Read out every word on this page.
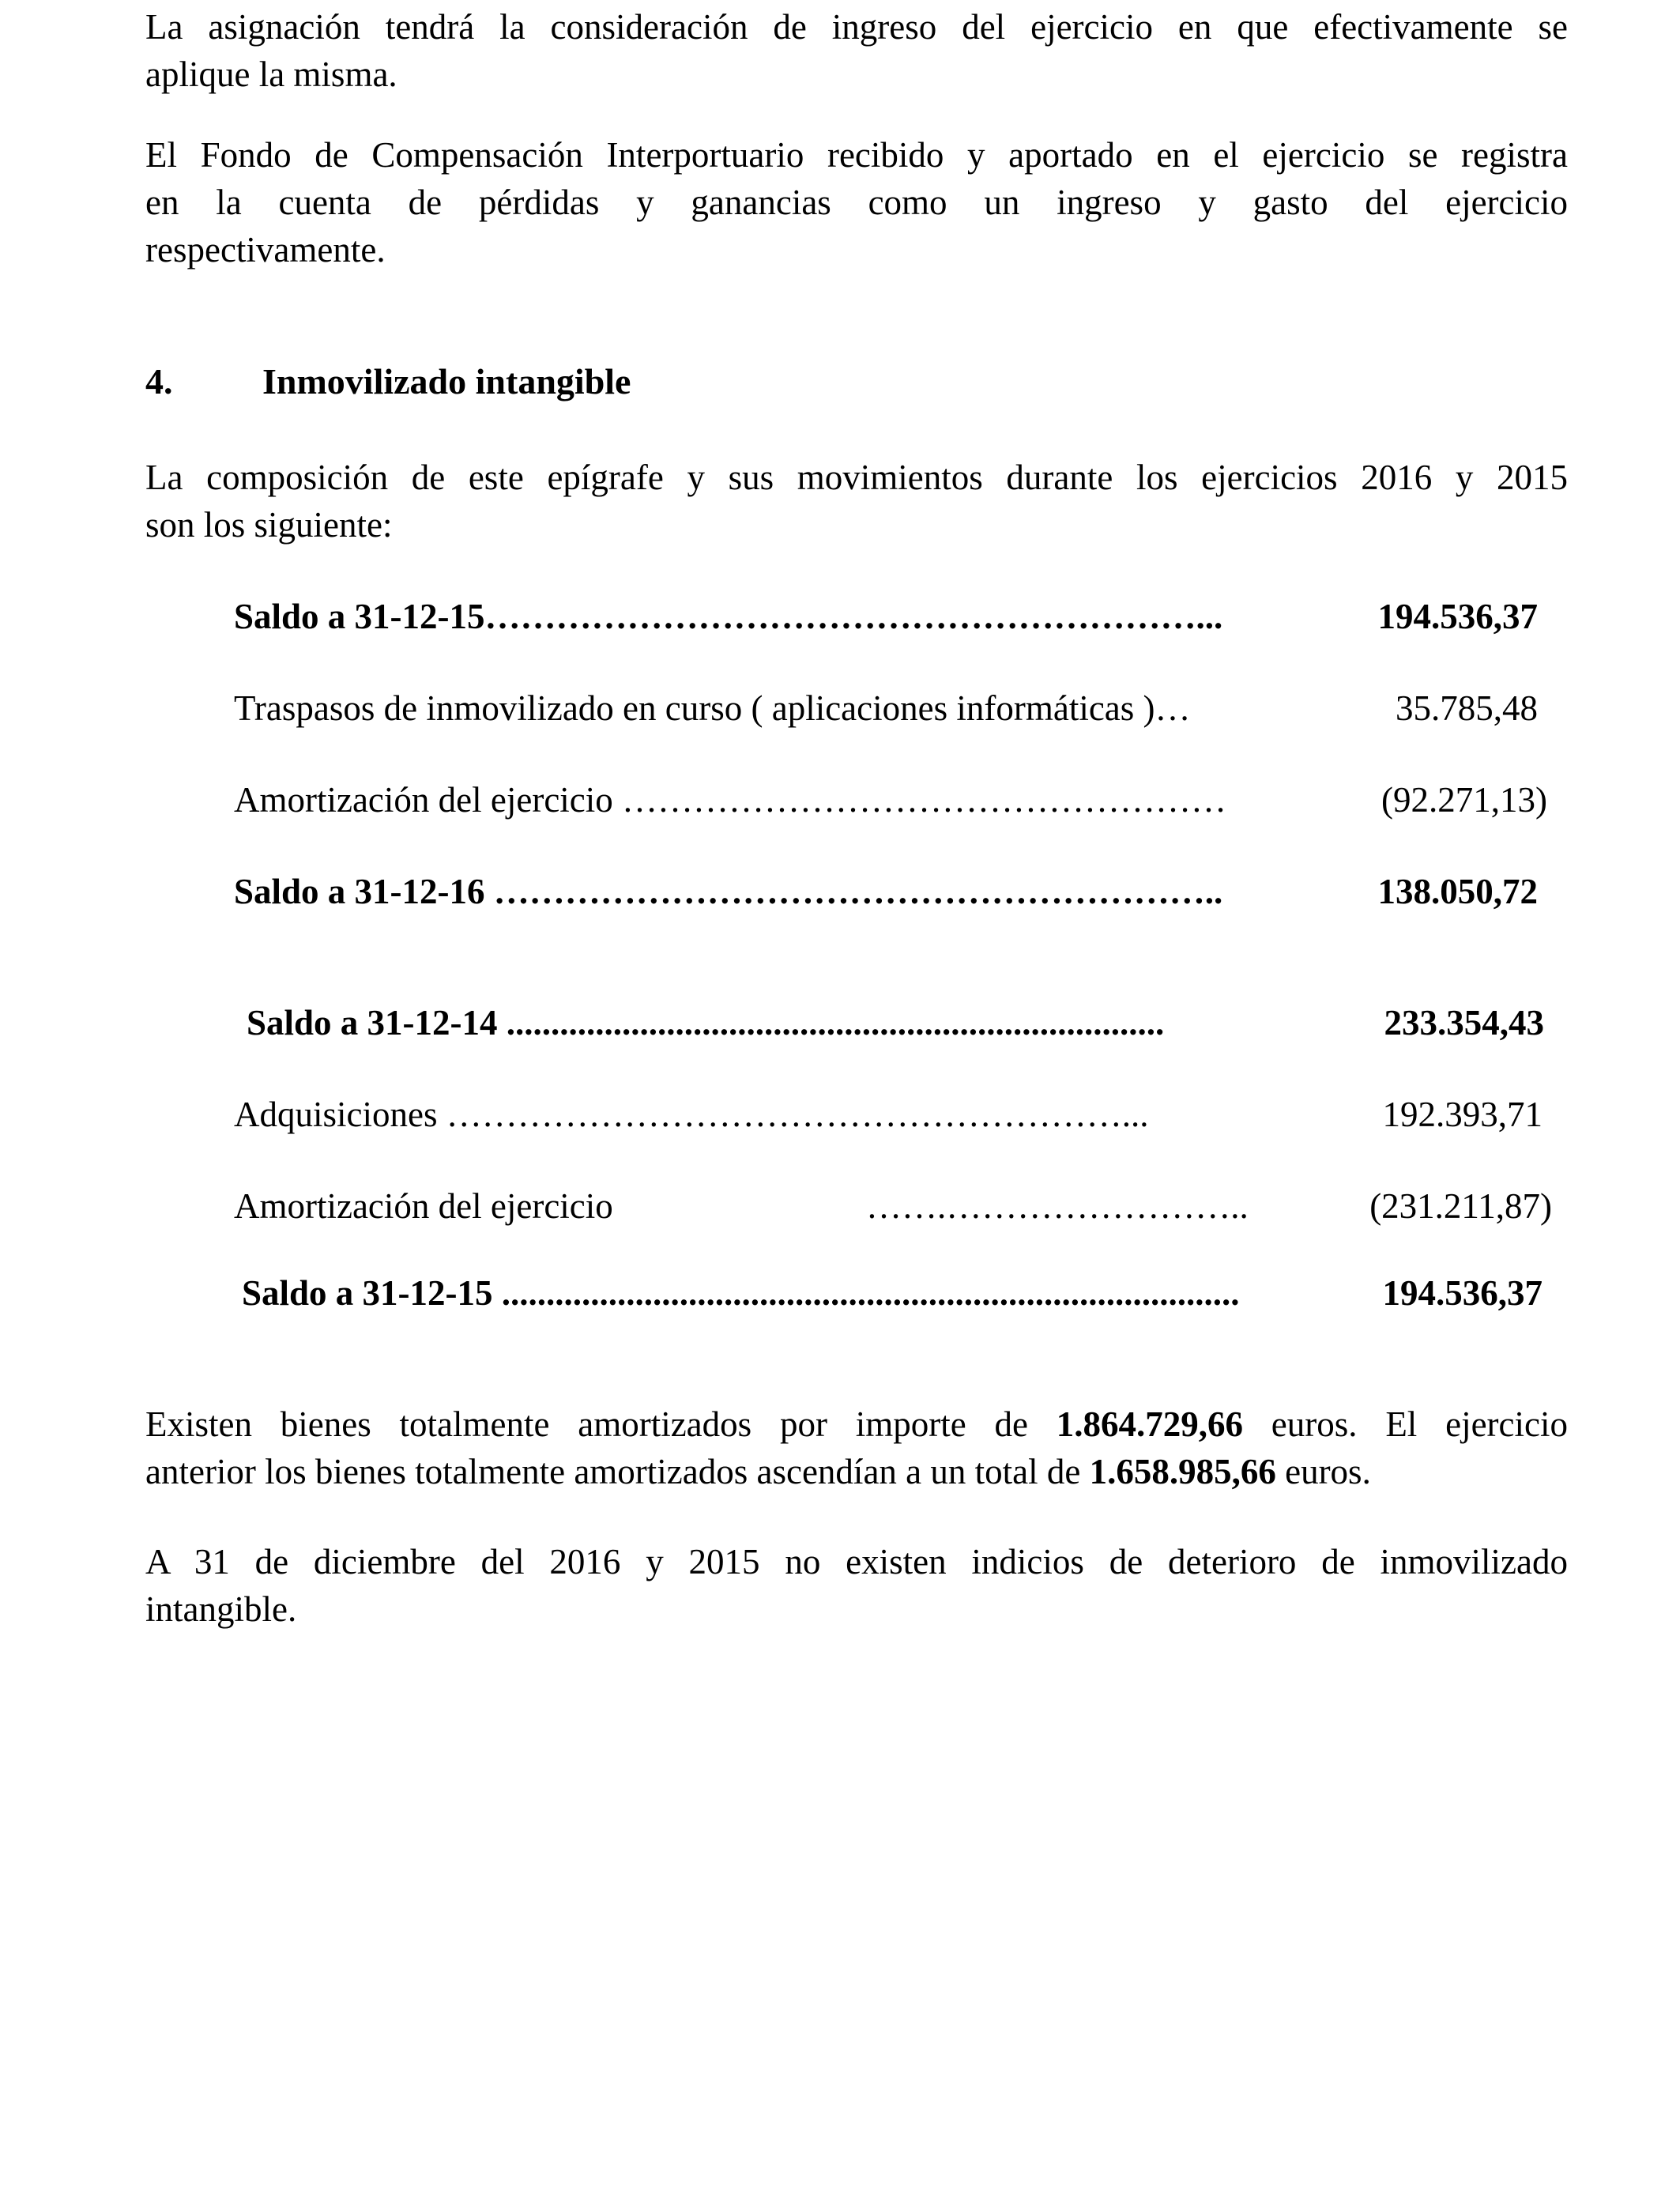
La asignación tendrá la consideración de ingreso del ejercicio en que efectivamente se
aplique la misma.
El Fondo de Compensación Interportuario recibido y aportado en el ejercicio se registra
en la cuenta de pérdidas y ganancias como un ingreso y gasto del ejercicio
respectivamente.
4. Inmovilizado intangible
La composición de este epígrafe y sus movimientos durante los ejercicios 2016 y 2015
son los siguiente:
Saldo a 31-12-15……………………………………………………...	194.536,37
Traspasos de inmovilizado en curso ( aplicaciones informáticas )…	35.785,48
Amortización del ejercicio ……………………………………………	(92.271,13)
Saldo a 31-12-16 ……………………………………………………..	138.050,72
Saldo a 31-12-14 ..........................................................................	233.354,43
Adquisiciones …………………………………………………...	192.393,71
Amortización del ejercicio	…….……………………..	(231.211,87)
Saldo a 31-12-15 ...................................................................................	194.536,37
Existen bienes totalmente amortizados por importe de 1.864.729,66 euros. El ejercicio
anterior los bienes totalmente amortizados ascendían a un total de 1.658.985,66 euros.
A 31 de diciembre del 2016 y 2015 no existen indicios de deterioro de inmovilizado
intangible.
